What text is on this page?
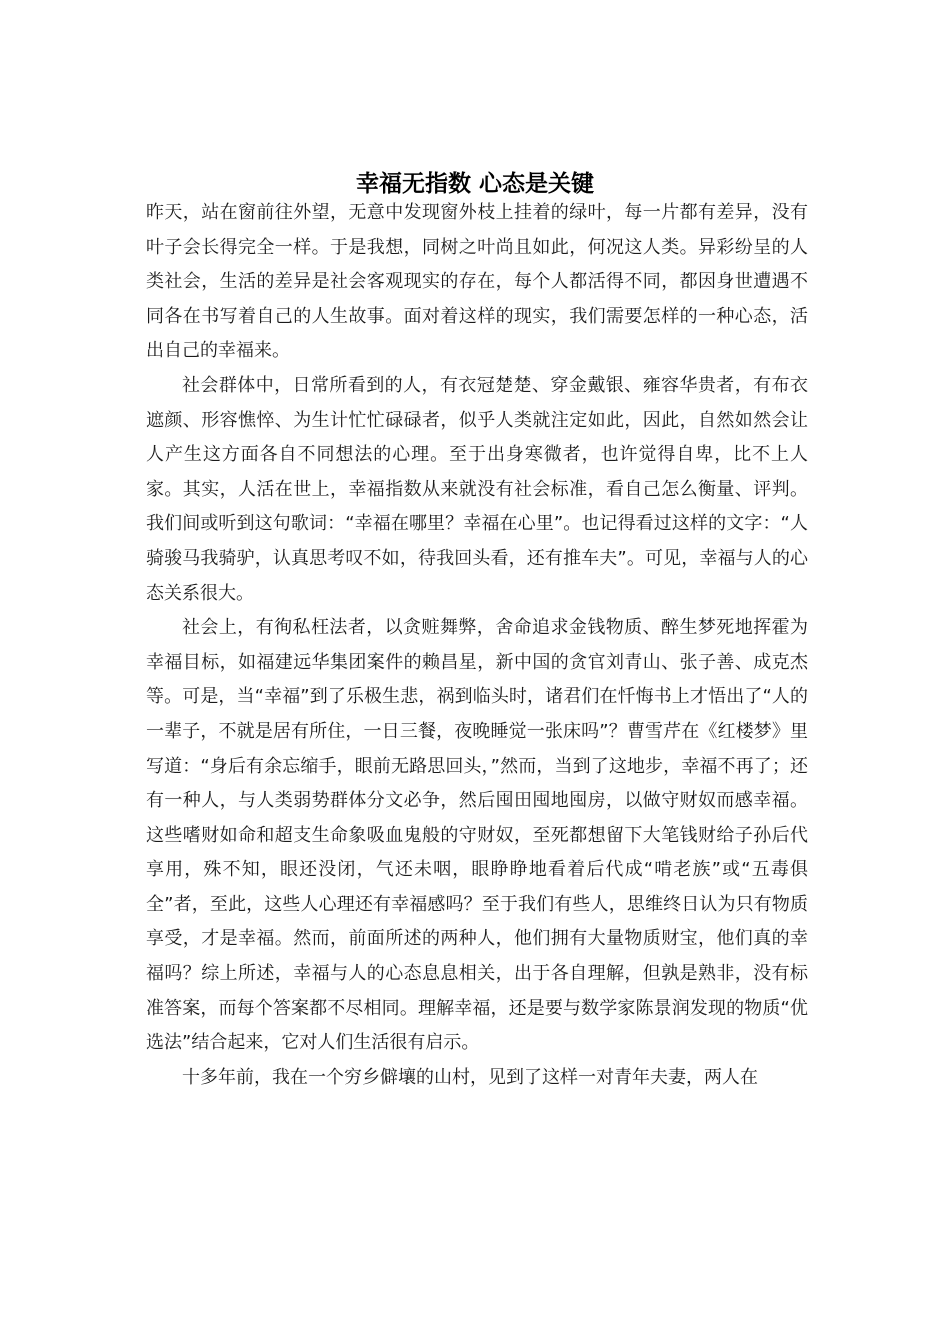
幸福无指数 心态是关键

昨天，站在窗前往外望，无意中发现窗外枝上挂着的绿叶，每一片都有差异，没有叶子会长得完全一样。于是我想，同树之叶尚且如此，何况这人类。异彩纷呈的人类社会，生活的差异是社会客观现实的存在，每个人都活得不同，都因身世遭遇不同各在书写着自己的人生故事。面对着这样的现实，我们需要怎样的一种心态，活出自己的幸福来。

社会群体中，日常所看到的人，有衣冠楚楚、穿金戴银、雍容华贵者，有布衣遮颜、形容憔悴、为生计忙忙碌碌者，似乎人类就注定如此，因此，自然如然会让人产生这方面各自不同想法的心理。至于出身寒微者，也许觉得自卑，比不上人家。其实，人活在世上，幸福指数从来就没有社会标准，看自己怎么衡量、评判。我们间或听到这句歌词：“幸福在哪里？幸福在心里”。也记得看过这样的文字：“人骑骏马我骑驴，认真思考叹不如，待我回头看，还有推车夫”。可见，幸福与人的心态关系很大。

社会上，有徇私枉法者，以贪赃舞弊，舍命追求金钱物质、醉生梦死地挥霍为幸福目标，如福建远华集团案件的赖昌星，新中国的贪官刘青山、张子善、成克杰等。可是，当“幸福”到了乐极生悲，祸到临头时，诸君们在忏悔书上才悟出了“人的一辈子，不就是居有所住，一日三餐，夜晚睡觉一张床吗”？曹雪芹在《红楼梦》里写道：“身后有余忘缩手，眼前无路思回头，”然而，当到了这地步，幸福不再了；还有一种人，与人类弱势群体分文必争，然后囤田囤地囤房，以做守财奴而感幸福。这些嗜财如命和超支生命象吸血鬼般的守财奴，至死都想留下大笔钱财给子孙后代享用，殊不知，眼还没闭，气还未咽，眼睁睁地看着后代成“啃老族”或“五毒俱全”者，至此，这些人心理还有幸福感吗？至于我们有些人，思维终日认为只有物质享受，才是幸福。然而，前面所述的两种人，他们拥有大量物质财宝，他们真的幸福吗？综上所述，幸福与人的心态息息相关，出于各自理解，但孰是熟非，没有标准答案，而每个答案都不尽相同。理解幸福，还是要与数学家陈景润发现的物质“优选法”结合起来，它对人们生活很有启示。

十多年前，我在一个穷乡僻壤的山村，见到了这样一对青年夫妻，两人在
